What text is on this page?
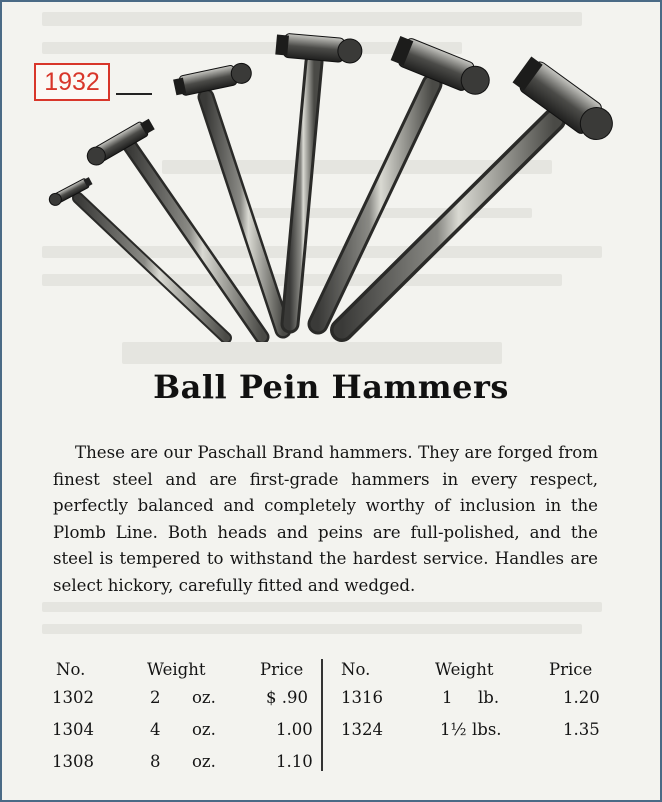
1932
Ball Pein Hammers

These are our Paschall Brand hammers. They are forged from finest steel and are first-grade hammers in every respect, perfectly balanced and completely worthy of inclusion in the Plomb Line. Both heads and peins are full-polished, and the steel is tempered to withstand the hardest service. Handles are select hickory, carefully fitted and wedged.

No.	Weight	Price No.	Weight	Price
1302	2 oz.	$ .90
1304	4 oz.	1.00
1308	8 oz.	1.10
1316	1 lb.	1.20
1324	1½ lbs.	1.35
